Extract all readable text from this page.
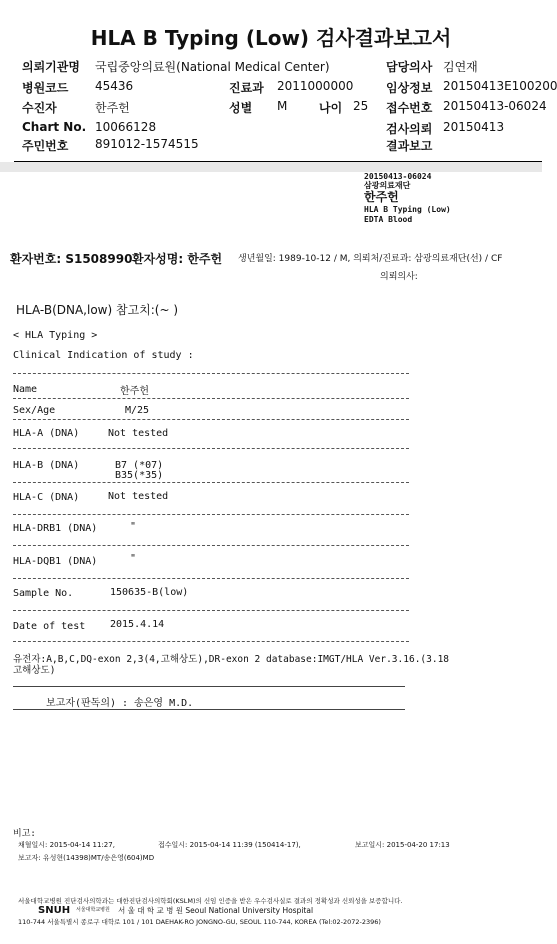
HLA B Typing (Low) 검사결과보고서
의뢰기관명 국립중앙의료원(National Medical Center)
병원코드 45436	진료과 2011000000
수진자	한주헌	성별 M	나이 25
Chart No. 10066128
주민번호 891012-1574515
담당의사 김연재
임상정보 20150413E100200
접수번호 20150413-06024
검사의뢰 20150413
결과보고
20150413-06024
삼광의료재단
한주헌
HLA B Typing (Low)
EDTA Blood
환자번호: S1508990 환자성명: 한주헌 생년월일: 1989-10-12 / M, 의뢰처/진료과: 삼광의료재단(선) / CF
의뢰의사:
HLA-B(DNA,low) 참고치:(~ )
< HLA Typing >
Clinical Indication of study :
Name	한주헌
Sex/Age	M/25
HLA-A (DNA)	Not tested
HLA-B (DNA)	B7 (*07)
B35(*35)
HLA-C (DNA)	Not tested
HLA-DRB1 (DNA)	"
HLA-DQB1 (DNA)	"
Sample No.	150635-B(low)
Date of test 2015.4.14
유전자:A,B,C,DQ-exon 2,3(4,고해상도),DR-exon 2 database:IMGT/HLA Ver.3.16.(3.18
고해상도)
보고자(판독의) : 송은영 M.D.
비고:
채혈일시: 2015-04-14 11:27,	접수일시: 2015-04-14 11:39 (150414-17),	보고일시: 2015-04-20 17:13
보고자: 유성현(14398)MT/송은영(604)MD
서울대학교병원 진단검사의학과는 대한진단검사의학회(KSLM)의 신임 인증을 받은 우수검사실로 결과의 정확성과 신뢰성을 보증합니다.
SNUH 서울대학교병원 서 울 대 학 교 병 원 Seoul National University Hospital
110-744 서울특별시 종로구 대학로 101 / 101 DAEHAK-RO JONGNO-GU, SEOUL 110-744, KOREA (Tel:02-2072-2396)
